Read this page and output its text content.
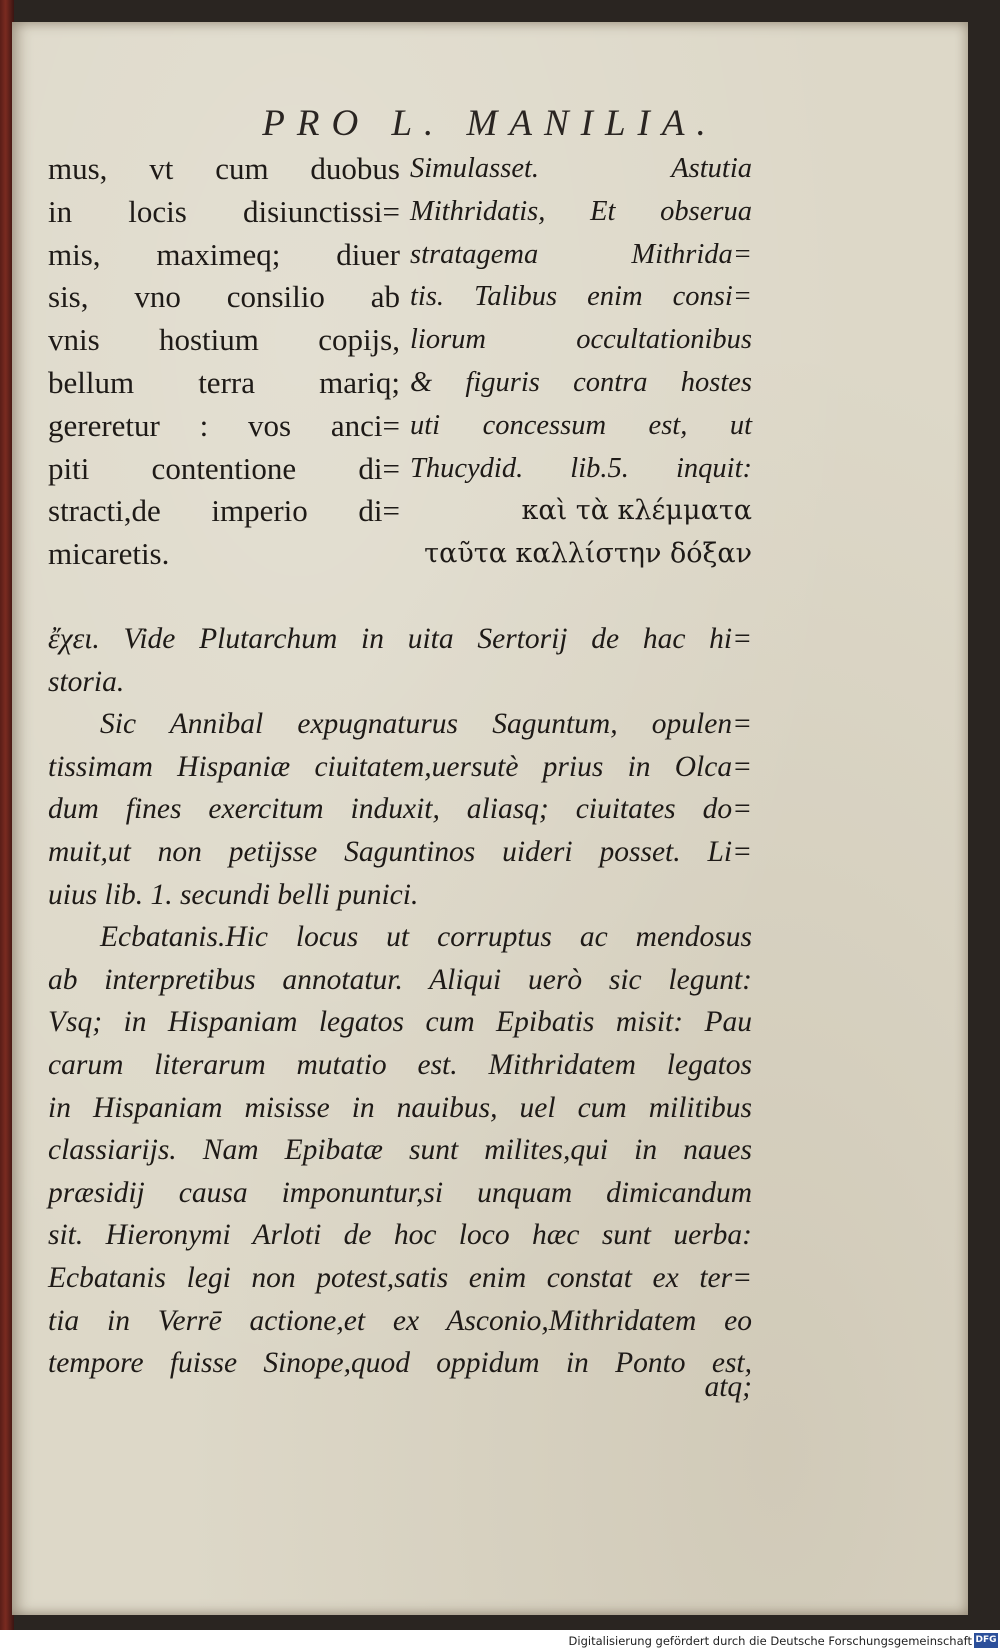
PRO L. MANILIA.
mus, vt cum duobus
in locis disiunctissi=
mis, maximeq; diuer
sis, vno consilio ab
vnis hostium copijs,
bellum terra mariq;
gereretur : vos anci=
piti contentione di=
stracti,de imperio di=
micaretis.
Simulasset. Astutia
Mithridatis, Et obserua
stratagema Mithrida=
tis. Talibus enim consi=
liorum occultationibus
& figuris contra hostes
uti concessum est, ut
Thucydid. lib.5. inquit:
καὶ τὰ κλέμματα
ταῦτα καλλίστην δόξαν
ἔχει. Vide Plutarchum in uita Sertorij de hac hi=
storia.
Sic Annibal expugnaturus Saguntum, opulen=
tissimam Hispaniæ ciuitatem,uersutè prius in Olca=
dum fines exercitum induxit, aliasq; ciuitates do=
muit,ut non petijsse Saguntinos uideri posset. Li=
uius lib. 1. secundi belli punici.
Ecbatanis.Hic locus ut corruptus ac mendosus
ab interpretibus annotatur. Aliqui uerò sic legunt:
Vsq; in Hispaniam legatos cum Epibatis misit: Pau
carum literarum mutatio est. Mithridatem legatos
in Hispaniam misisse in nauibus, uel cum militibus
classiarijs. Nam Epibatæ sunt milites,qui in naues
præsidij causa imponuntur,si unquam dimicandum
sit. Hieronymi Arloti de hoc loco hæc sunt uerba:
Ecbatanis legi non potest,satis enim constat ex ter=
tia in Verrē actione,et ex Asconio,Mithridatem eo
tempore fuisse Sinope,quod oppidum in Ponto est,
atq;
Digitalisierung gefördert durch die Deutsche Forschungsgemeinschaft DFG
